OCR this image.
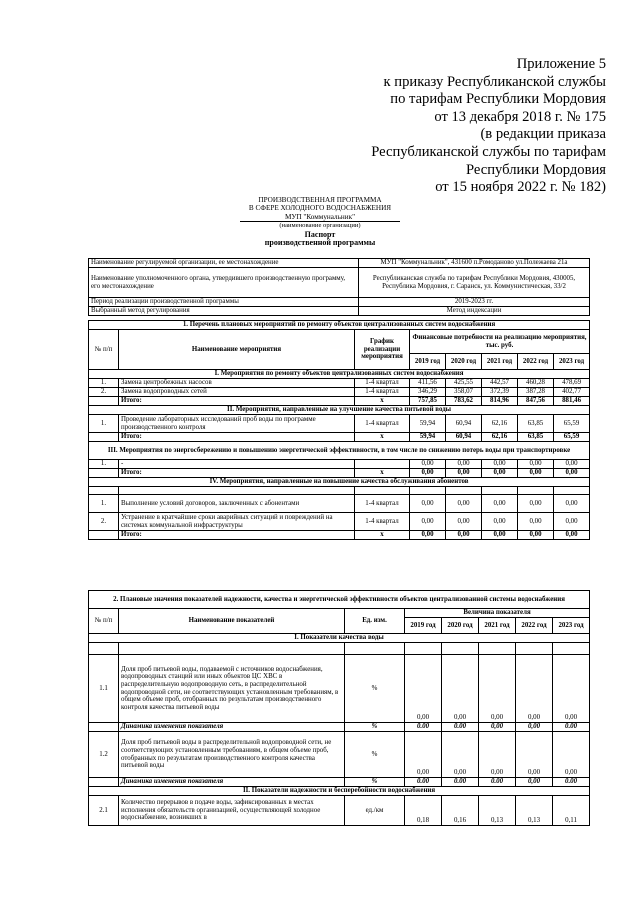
Приложение 5
к приказу Республиканской службы
по тарифам Республики Мордовия
от 13 декабря 2018 г. № 175
(в редакции приказа
Республиканской службы по тарифам
Республики Мордовия
от 15 ноября 2022 г. № 182)
ПРОИЗВОДСТВЕННАЯ ПРОГРАММА
В СФЕРЕ ХОЛОДНОГО ВОДОСНАБЖЕНИЯ
МУП "Коммунальник"
(наименование организации)
Паспорт
производственной программы
Наименование регулируемой организации, ее местонахождение	МУП "Коммунальник", 431600 п.Ромоданово ул.Полежаева 21а
Наименование уполномоченного органа, утвердившего производственную программу, его местонахождение	Республиканская служба по тарифам Республики Мордовия, 430005, Республика Мордовия, г. Саранск, ул. Коммунистическая, 33/2
Период реализации производственной программы	2019-2023 гг.
Выбранный метод регулирования	Метод индексации
1. Перечень плановых мероприятий по ремонту объектов централизованных систем водоснабжения							
№ п/п	Наименование мероприятия	График реализации мероприятия	Финансовые потребности на реализацию мероприятия, тыс. руб.				
			2019 год	2020 год	2021 год	2022 год	2023 год
I. Мероприятия по ремонту объектов централизованных систем водоснабжения							
1.	Замена центробежных насосов	1-4 квартал	411,56	425,55	442,57	460,28	478,69
2.	Замена водопроводных сетей	1-4 квартал	346,29	358,07	372,39	387,28	402,77
	Итого:	х	757,85	783,62	814,96	847,56	881,46
II. Мероприятия, направленные на улучшение качества питьевой воды							
1.	Проведение лабораторных исследований проб воды по программе производственного контроля	1-4 квартал	59,94	60,94	62,16	63,85	65,59
	Итого:	х	59,94	60,94	62,16	63,85	65,59
III. Мероприятия по энергосбережению и повышению энергетической эффективности, в том числе по снижению потерь воды при транспортировке							
1.	-		0,00	0,00	0,00	0,00	0,00
	Итого:	х	0,00	0,00	0,00	0,00	0,00
IV. Мероприятия, направленные на повышение качества обслуживания абонентов							

1.	Выполнение условий договоров, заключенных с абонентами	1-4 квартал	0,00	0,00	0,00	0,00	0,00
2.	Устранение в кратчайшие сроки аварийных ситуаций и повреждений на системах коммунальной инфраструктуры	1-4 квартал	0,00	0,00	0,00	0,00	0,00
	Итого:	х	0,00	0,00	0,00	0,00	0,00
2. Плановые значения показателей надежности, качества и энергетической эффективности объектов централизованной системы водоснабжения							
№ п/п	Наименование показателей	Ед. изм.	Величина показателя				
			2019 год	2020 год	2021 год	2022 год	2023 год
I. Показатели качества воды							

1.1	Доля проб питьевой воды, подаваемой с источников водоснабжения, водопроводных станций или иных объектов ЦС ХВС в распределительную водопроводную сеть, в распределительной водопроводной сети, не соответствующих установленным требованиям, в общем объеме проб, отобранных по результатам производственного контроля качества питьевой воды	%	0,00	0,00	0,00	0,00	0,00
	Динамика изменения показателя	%	0.00	0.00	0,00	0,00	0.00
1.2	Доля проб питьевой воды в распределительной водопроводной сети, не соответствующих установленным требованиям, в общем объеме проб, отобранных по результатам производственного контроля качества питьевой воды	%	0,00	0,00	0,00	0,00	0,00
	Динамика изменения показателя	%	0.00	0.00	0.00	0,00	0.00
II. Показатели надежности и бесперебойности водоснабжения							
2.1	Количество перерывов в подаче воды, зафиксированных в местах исполнения обязательств организацией, осуществляющей холодное водоснабжение, возникших в	ед./км	0,18	0,16	0,13	0,13	0,11
